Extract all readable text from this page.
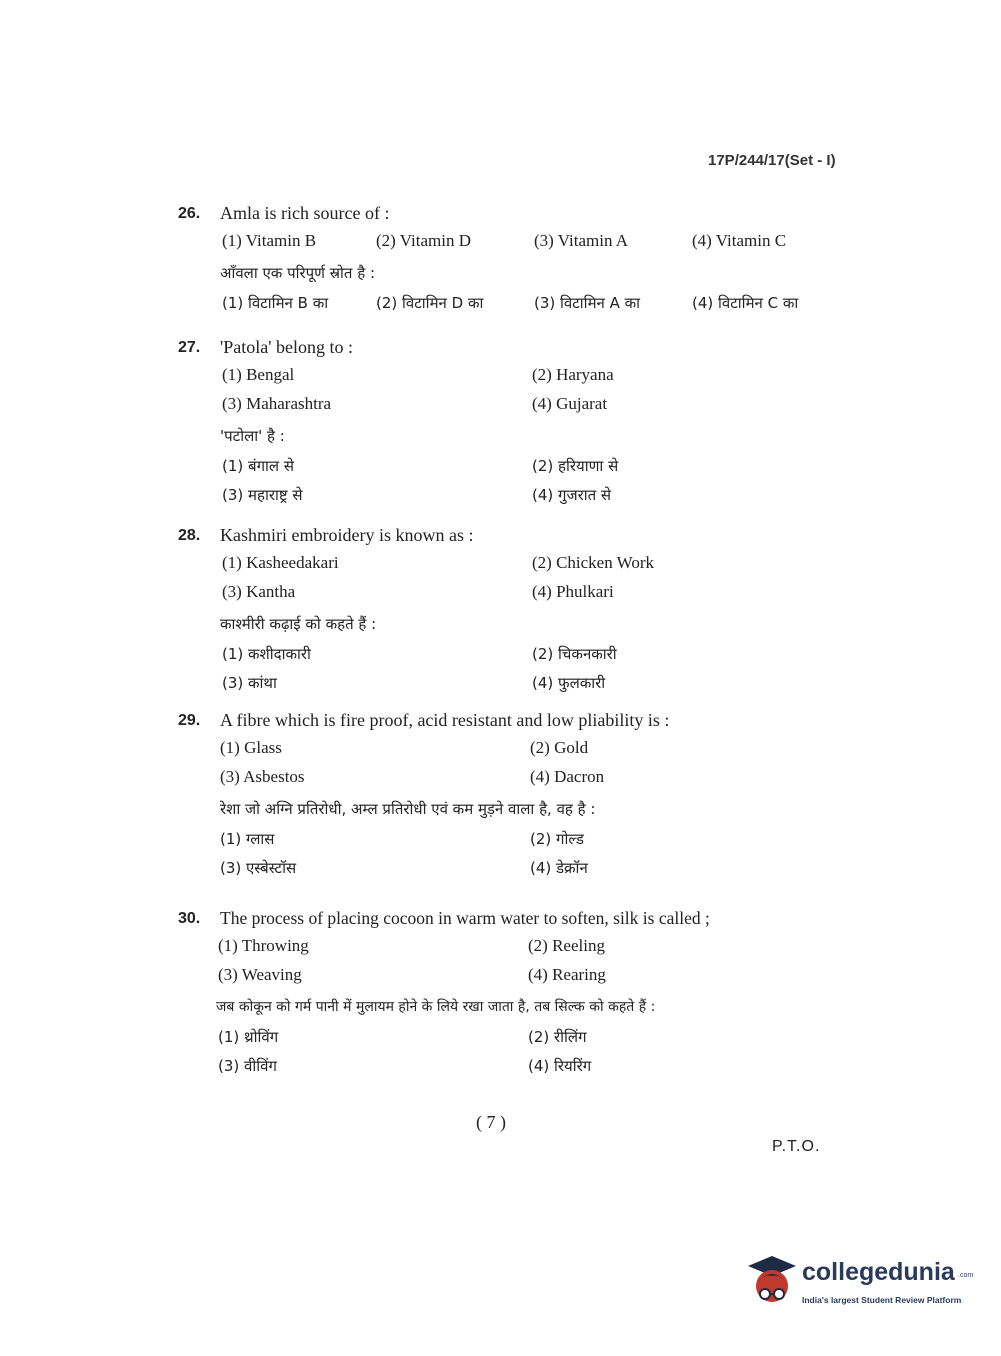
17P/244/17(Set - I)
26. Amla is rich source of :
(1) Vitamin B	(2) Vitamin D	(3) Vitamin A	(4) Vitamin C
आँवला एक परिपूर्ण स्रोत है :
(1) विटामिन B का	(2) विटामिन D का	(3) विटामिन A का	(4) विटामिन C का
27. 'Patola' belong to :
(1) Bengal	(2) Haryana
(3) Maharashtra	(4) Gujarat
'पटोला' है :
(1) बंगाल से	(2) हरियाणा से
(3) महाराष्ट्र से	(4) गुजरात से
28. Kashmiri embroidery is known as :
(1) Kasheedakari	(2) Chicken Work
(3) Kantha	(4) Phulkari
काश्मीरी कढ़ाई को कहते हैं :
(1) कशीदाकारी	(2) चिकनकारी
(3) कांथा	(4) फुलकारी
29. A fibre which is fire proof, acid resistant and low pliability is :
(1) Glass	(2) Gold
(3) Asbestos	(4) Dacron
रेशा जो अग्नि प्रतिरोधी, अम्ल प्रतिरोधी एवं कम मुड़ने वाला है, वह है :
(1) ग्लास	(2) गोल्ड
(3) एस्बेस्टॉस	(4) डेक्रॉन
30. The process of placing cocoon in warm water to soften, silk is called ;
(1) Throwing	(2) Reeling
(3) Weaving	(4) Rearing
जब कोकून को गर्म पानी में मुलायम होने के लिये रखा जाता है, तब सिल्क को कहते हैं :
(1) थ्रोविंग	(2) रीलिंग
(3) वीविंग	(4) रियरिंग
( 7 )
P.T.O.
collegedunia .com
India's largest Student Review Platform
